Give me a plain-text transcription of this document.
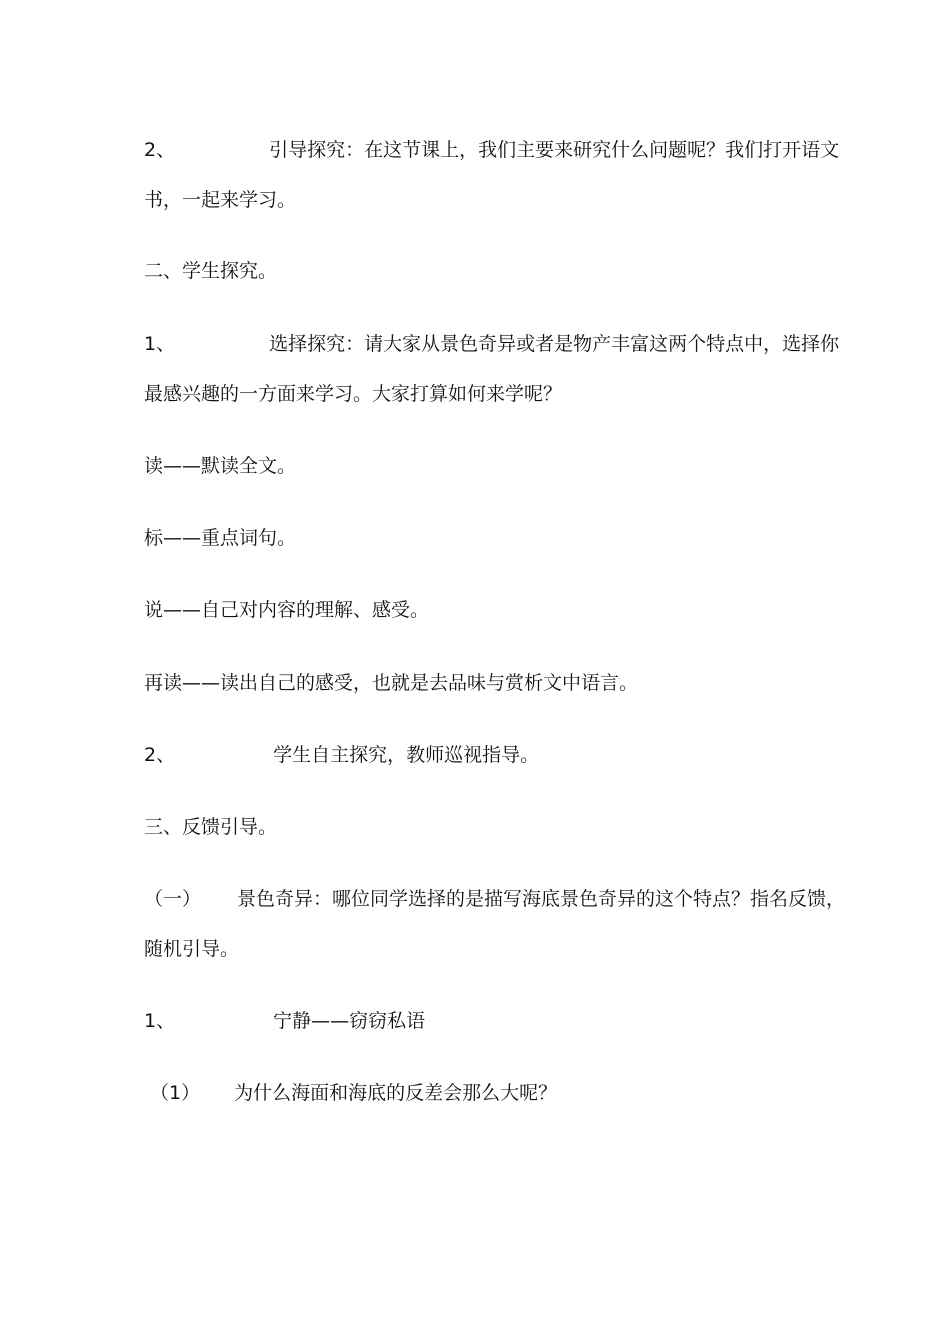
2、	引导探究：在这节课上，我们主要来研究什么问题呢？我们打开语文
书，一起来学习。
二、学生探究。
1、	选择探究：请大家从景色奇异或者是物产丰富这两个特点中，选择你
最感兴趣的一方面来学习。大家打算如何来学呢？
读——默读全文。
标——重点词句。
说——自己对内容的理解、感受。
再读——读出自己的感受，也就是去品味与赏析文中语言。
2、	学生自主探究，教师巡视指导。
三、反馈引导。
（一） 景色奇异：哪位同学选择的是描写海底景色奇异的这个特点？指名反馈，
随机引导。
1、	宁静——窃窃私语
（1） 为什么海面和海底的反差会那么大呢？
